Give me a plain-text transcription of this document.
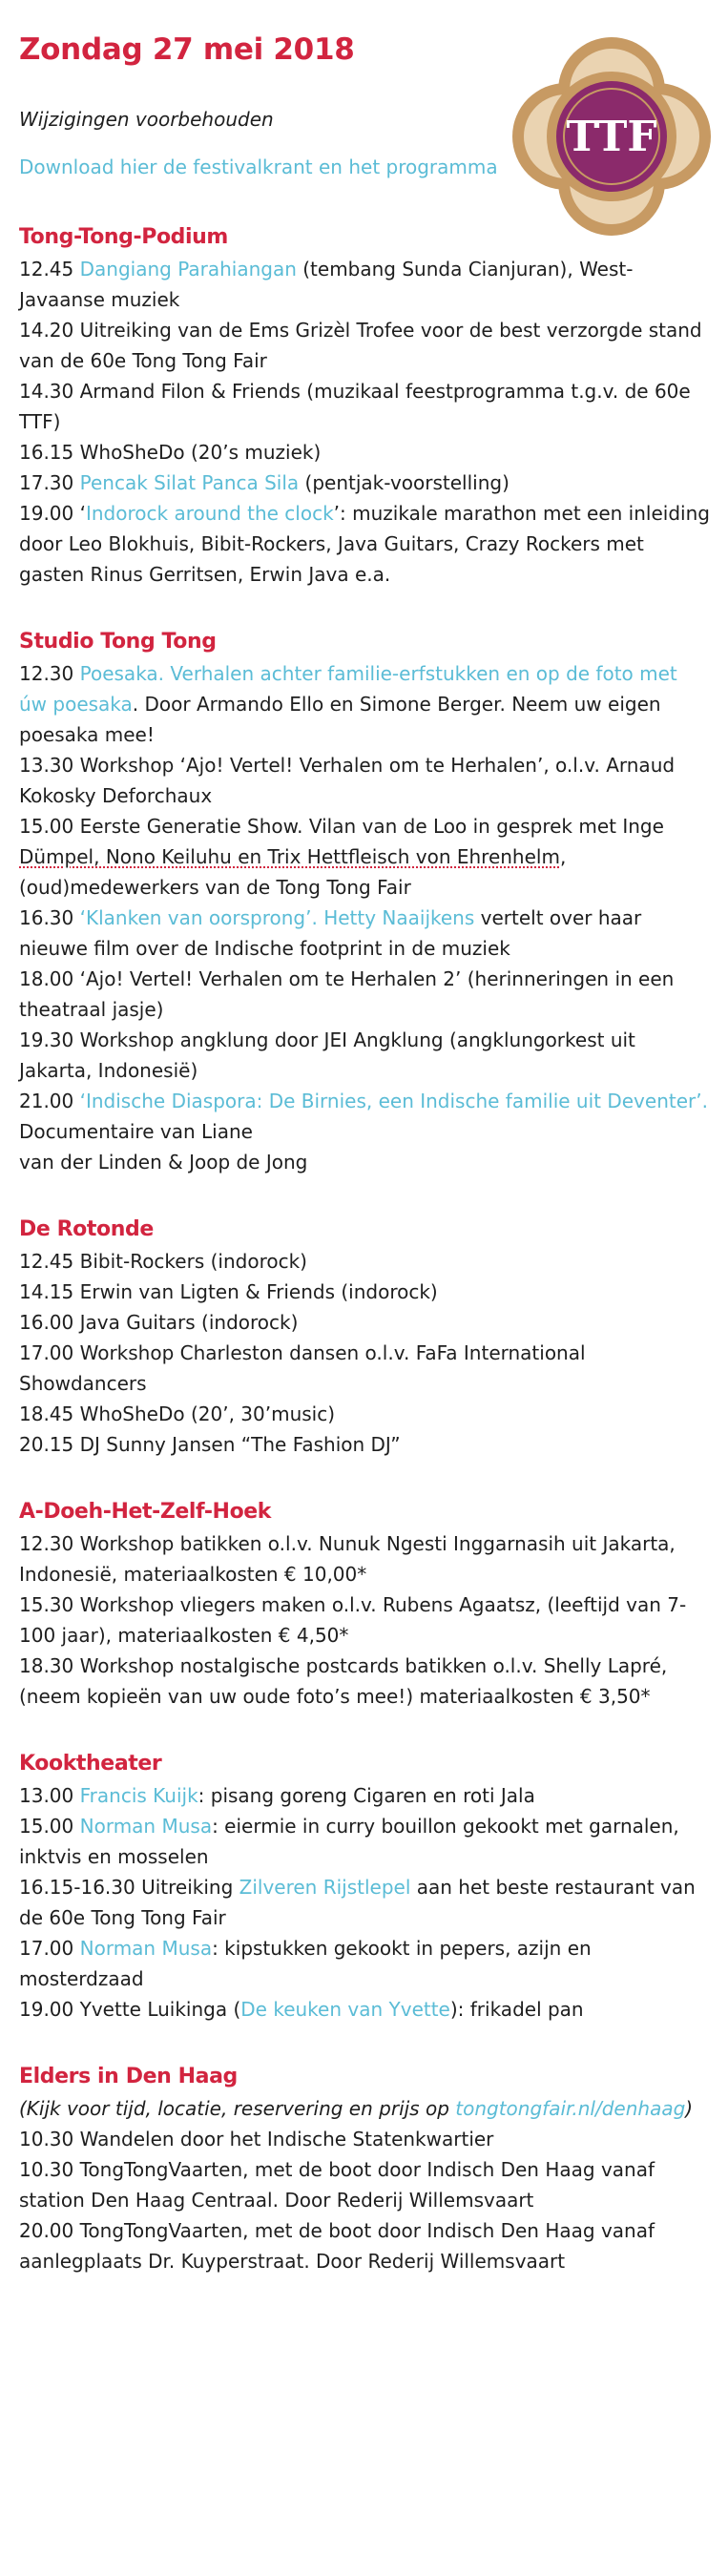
Zondag 27 mei 2018
Wijzigingen voorbehouden
Download hier de festivalkrant en het programma
TTF
Tong-Tong-Podium

12.45 Dangiang Parahiangan (tembang Sunda Cianjuran), West-Javaanse muziek

14.20 Uitreiking van de Ems Grizèl Trofee voor de best verzorgde stand van de 60e Tong Tong Fair

14.30 Armand Filon & Friends (muzikaal feestprogramma t.g.v. de 60e TTF)

16.15 WhoSheDo (20’s muziek)

17.30 Pencak Silat Panca Sila (pentjak-voorstelling)

19.00 ‘Indorock around the clock’: muzikale marathon met een inleiding door Leo Blokhuis, Bibit-Rockers, Java Guitars, Crazy Rockers met gasten Rinus Gerritsen, Erwin Java e.a.

Studio Tong Tong

12.30 Poesaka. Verhalen achter familie-erfstukken en op de foto met úw poesaka. Door Armando Ello en Simone Berger. Neem uw eigen poesaka mee!

13.30 Workshop ‘Ajo! Vertel! Verhalen om te Herhalen’, o.l.v. Arnaud Kokosky Deforchaux

15.00 Eerste Generatie Show. Vilan van de Loo in gesprek met Inge Dümpel, Nono Keiluhu en Trix Hettfleisch von Ehrenhelm, (oud)medewerkers van de Tong Tong Fair

16.30 ‘Klanken van oorsprong’. Hetty Naaijkens vertelt over haar nieuwe film over de Indische footprint in de muziek

18.00 ‘Ajo! Vertel! Verhalen om te Herhalen 2’ (herinneringen in een theatraal jasje)

19.30 Workshop angklung door JEI Angklung (angklungorkest uit Jakarta, Indonesië)

21.00 ‘Indische Diaspora: De Birnies, een Indische familie uit Deventer’. Documentaire van Liane

van der Linden & Joop de Jong

De Rotonde

12.45 Bibit-Rockers (indorock)

14.15 Erwin van Ligten & Friends (indorock)

16.00 Java Guitars (indorock)

17.00 Workshop Charleston dansen o.l.v. FaFa International Showdancers

18.45 WhoSheDo (20’, 30’music)

20.15 DJ Sunny Jansen “The Fashion DJ”

A-Doeh-Het-Zelf-Hoek

12.30 Workshop batikken o.l.v. Nunuk Ngesti Inggarnasih uit Jakarta, Indonesië, materiaalkosten € 10,00*

15.30 Workshop vliegers maken o.l.v. Rubens Agaatsz, (leeftijd van 7-100 jaar), materiaalkosten € 4,50*

18.30 Workshop nostalgische postcards batikken o.l.v. Shelly Lapré, (neem kopieën van uw oude foto’s mee!) materiaalkosten € 3,50*

Kooktheater

13.00 Francis Kuijk: pisang goreng Cigaren en roti Jala

15.00 Norman Musa: eiermie in curry bouillon gekookt met garnalen, inktvis en mosselen

16.15-16.30 Uitreiking Zilveren Rijstlepel aan het beste restaurant van de 60e Tong Tong Fair

17.00 Norman Musa: kipstukken gekookt in pepers, azijn en mosterdzaad

19.00 Yvette Luikinga (De keuken van Yvette): frikadel pan

Elders in Den Haag

(Kijk voor tijd, locatie, reservering en prijs op tongtongfair.nl/denhaag)

10.30 Wandelen door het Indische Statenkwartier

10.30 TongTongVaarten, met de boot door Indisch Den Haag vanaf station Den Haag Centraal. Door Rederij Willemsvaart

20.00 TongTongVaarten, met de boot door Indisch Den Haag vanaf aanlegplaats Dr. Kuyperstraat. Door Rederij Willemsvaart
